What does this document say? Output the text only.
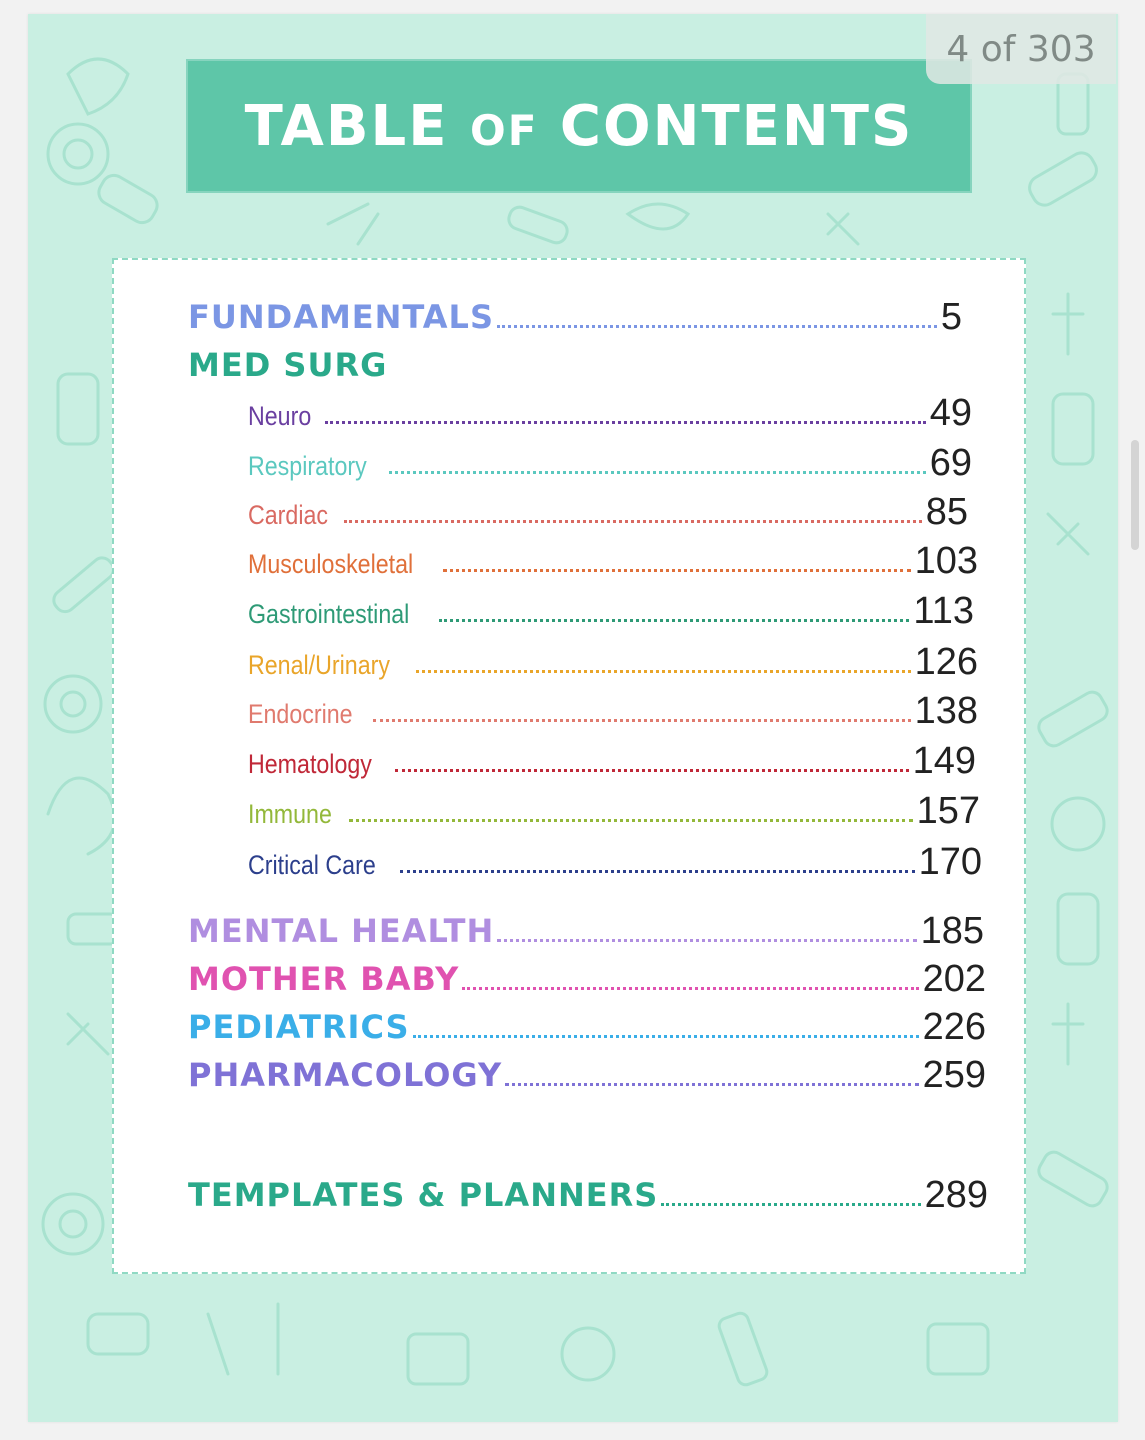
TABLE OF CONTENTS
FUNDAMENTALS	5
MED SURG
Neuro	49
Respiratory	69
Cardiac	85
Musculoskeletal	103
Gastrointestinal	113
Renal/Urinary	126
Endocrine	138
Hematology	149
Immune	157
Critical Care	170
MENTAL HEALTH	185
MOTHER BABY	202
PEDIATRICS	226
PHARMACOLOGY	259
TEMPLATES & PLANNERS	289
4 of 303
